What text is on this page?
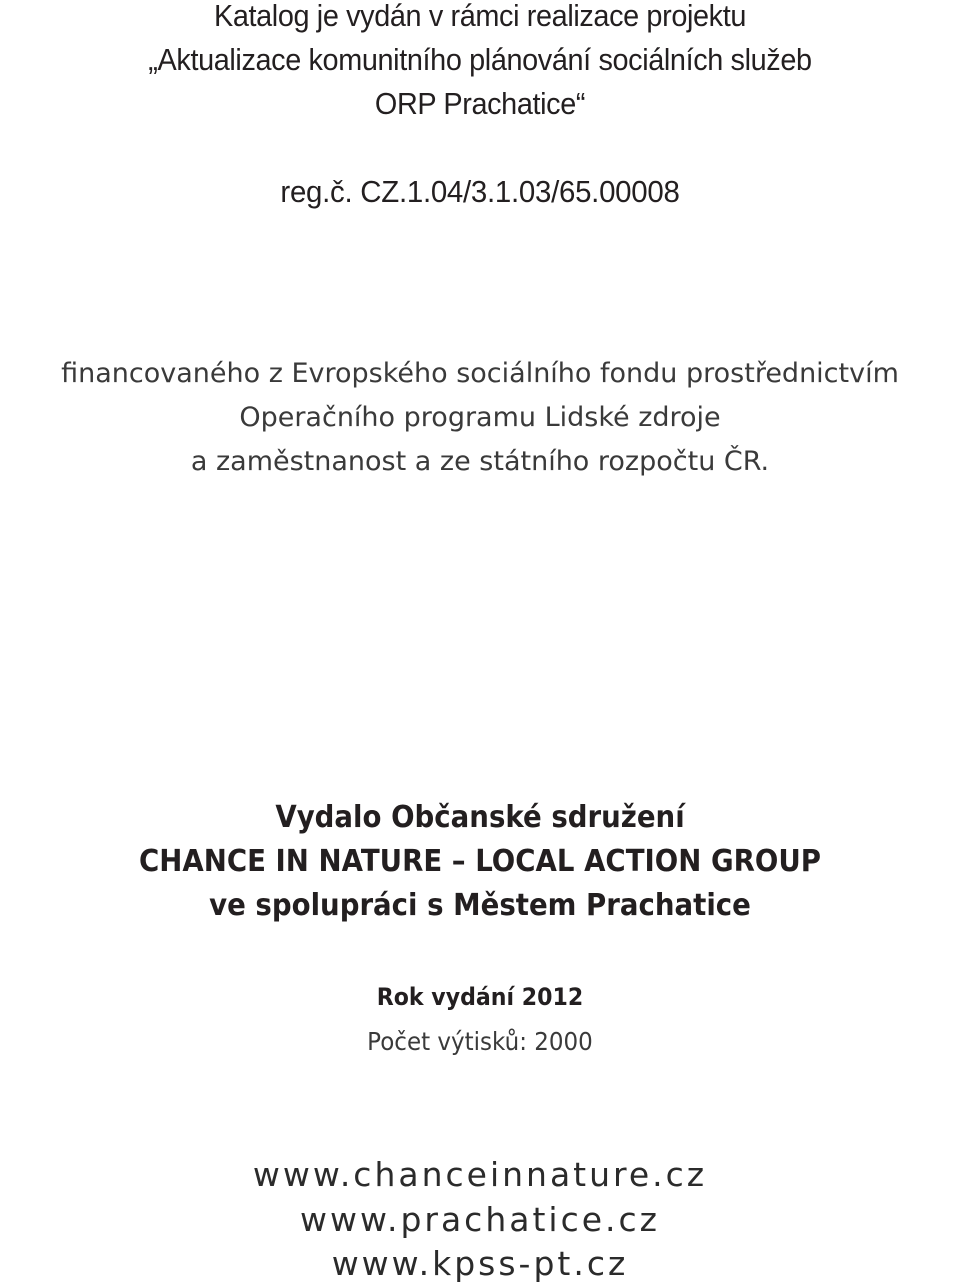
Katalog je vydán v rámci realizace projektu
„Aktualizace komunitního plánování sociálních služeb
ORP Prachatice“
reg.č. CZ.1.04/3.1.03/65.00008
financovaného z Evropského sociálního fondu prostřednictvím
Operačního programu Lidské zdroje
a zaměstnanost a ze státního rozpočtu ČR.
Vydalo Občanské sdružení
CHANCE IN NATURE – LOCAL ACTION GROUP
ve spolupráci s Městem Prachatice
Rok vydání 2012
Počet výtisků: 2000
www.chanceinnature.cz
www.prachatice.cz
www.kpss-pt.cz
